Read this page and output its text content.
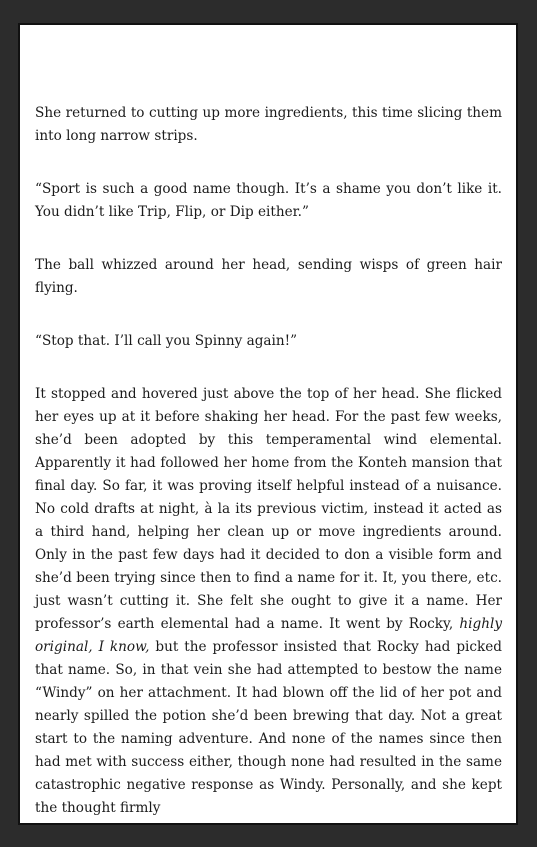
She returned to cutting up more ingredients, this time slicing them into long narrow strips.

“Sport is such a good name though. It’s a shame you don’t like it. You didn’t like Trip, Flip, or Dip either.”

The ball whizzed around her head, sending wisps of green hair flying.

“Stop that. I’ll call you Spinny again!”

It stopped and hovered just above the top of her head. She flicked her eyes up at it before shaking her head. For the past few weeks, she’d been adopted by this temperamental wind elemental. Apparently it had followed her home from the Konteh mansion that final day. So far, it was proving itself helpful instead of a nuisance. No cold drafts at night, à la its previous victim, instead it acted as a third hand, helping her clean up or move ingredients around. Only in the past few days had it decided to don a visible form and she’d been trying since then to find a name for it. It, you there, etc. just wasn’t cutting it. She felt she ought to give it a name. Her professor’s earth elemental had a name. It went by Rocky, highly original, I know, but the professor insisted that Rocky had picked that name. So, in that vein she had attempted to bestow the name “Windy” on her attachment. It had blown off the lid of her pot and nearly spilled the potion she’d been brewing that day. Not a great start to the naming adventure. And none of the names since then had met with success either, though none had resulted in the same catastrophic negative response as Windy. Personally, and she kept the thought firmly
